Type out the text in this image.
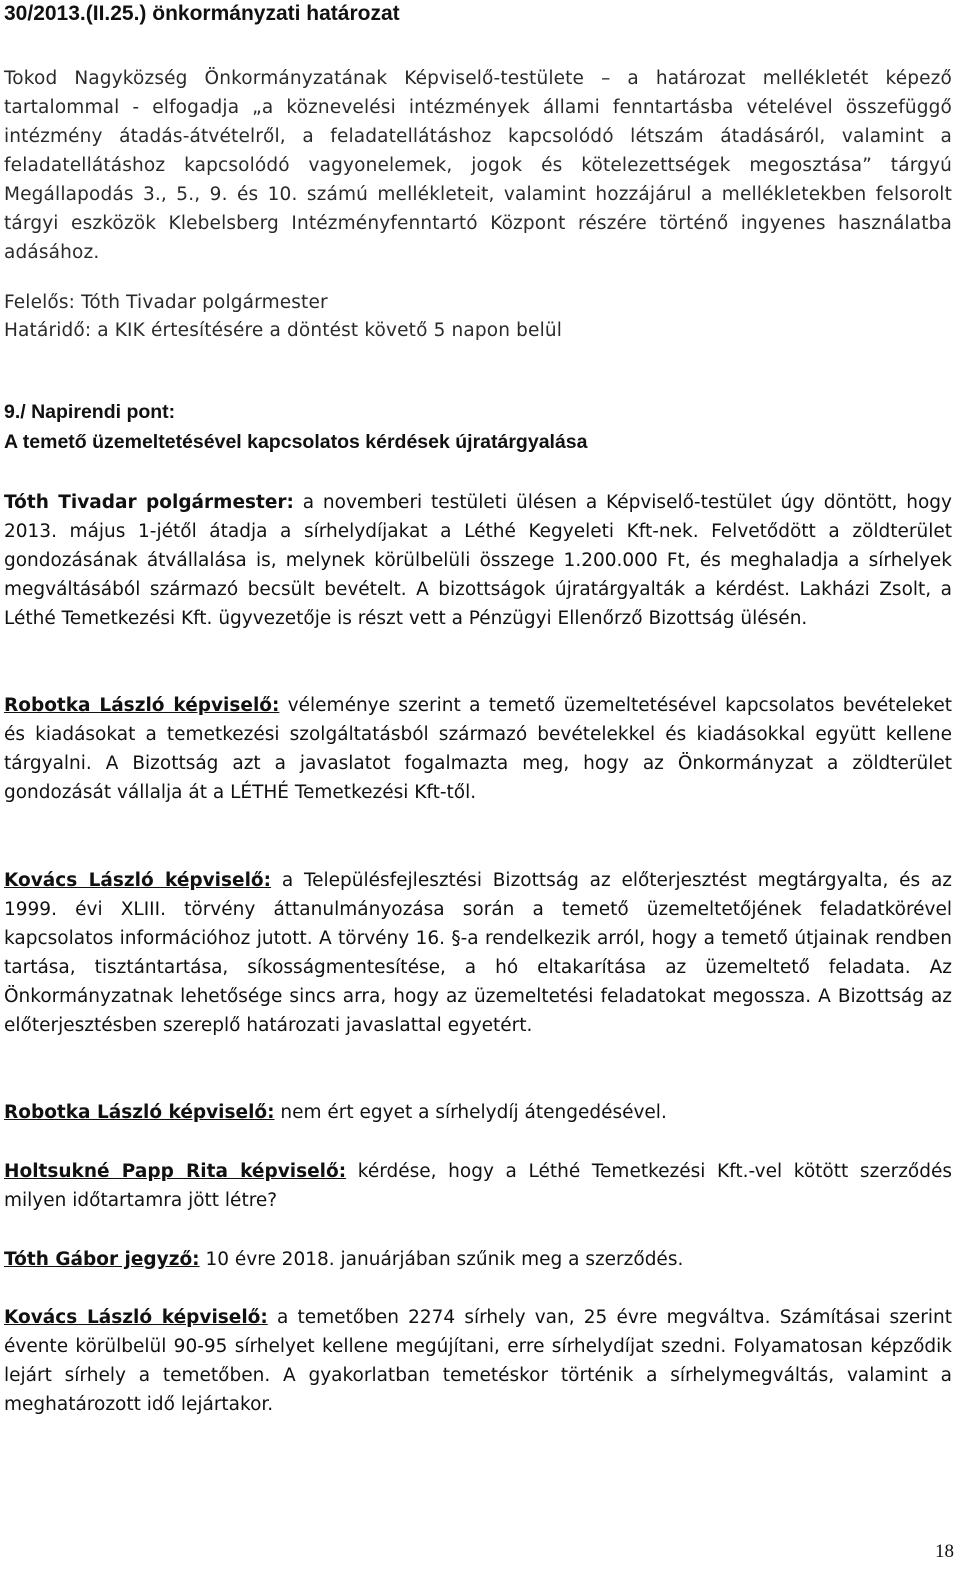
30/2013.(II.25.) önkormányzati határozat

Tokod Nagyközség Önkormányzatának Képviselő-testülete – a határozat mellékletét képező tartalommal - elfogadja „a köznevelési intézmények állami fenntartásba vételével összefüggő intézmény átadás-átvételről, a feladatellátáshoz kapcsolódó létszám átadásáról, valamint a feladatellátáshoz kapcsolódó vagyonelemek, jogok és kötelezettségek megosztása” tárgyú Megállapodás 3., 5., 9. és 10. számú mellékleteit, valamint hozzájárul a mellékletekben felsorolt tárgyi eszközök Klebelsberg Intézményfenntartó Központ részére történő ingyenes használatba adásához.

Felelős: Tóth Tivadar polgármester

Határidő: a KIK értesítésére a döntést követő 5 napon belül

9./ Napirendi pont:

A temető üzemeltetésével kapcsolatos kérdések újratárgyalása

Tóth Tivadar polgármester: a novemberi testületi ülésen a Képviselő-testület úgy döntött, hogy 2013. május 1-jétől átadja a sírhelydíjakat a Léthé Kegyeleti Kft-nek. Felvetődött a zöldterület gondozásának átvállalása is, melynek körülbelüli összege 1.200.000 Ft, és meghaladja a sírhelyek megváltásából származó becsült bevételt. A bizottságok újratárgyalták a kérdést. Lakházi Zsolt, a Léthé Temetkezési Kft. ügyvezetője is részt vett a Pénzügyi Ellenőrző Bizottság ülésén.

Robotka László képviselő: véleménye szerint a temető üzemeltetésével kapcsolatos bevételeket és kiadásokat a temetkezési szolgáltatásból származó bevételekkel és kiadásokkal együtt kellene tárgyalni. A Bizottság azt a javaslatot fogalmazta meg, hogy az Önkormányzat a zöldterület gondozását vállalja át a LÉTHÉ Temetkezési Kft-től.

Kovács László képviselő: a Településfejlesztési Bizottság az előterjesztést megtárgyalta, és az 1999. évi XLIII. törvény áttanulmányozása során a temető üzemeltetőjének feladatkörével kapcsolatos információhoz jutott. A törvény 16. §-a rendelkezik arról, hogy a temető útjainak rendben tartása, tisztántartása, síkosságmentesítése, a hó eltakarítása az üzemeltető feladata. Az Önkormányzatnak lehetősége sincs arra, hogy az üzemeltetési feladatokat megossza. A Bizottság az előterjesztésben szereplő határozati javaslattal egyetért.

Robotka László képviselő: nem ért egyet a sírhelydíj átengedésével.

Holtsukné Papp Rita képviselő: kérdése, hogy a Léthé Temetkezési Kft.-vel kötött szerződés milyen időtartamra jött létre?

Tóth Gábor jegyző: 10 évre 2018. januárjában szűnik meg a szerződés.

Kovács László képviselő: a temetőben 2274 sírhely van, 25 évre megváltva. Számításai szerint évente körülbelül 90-95 sírhelyet kellene megújítani, erre sírhelydíjat szedni. Folyamatosan képződik lejárt sírhely a temetőben. A gyakorlatban temetéskor történik a sírhelymegváltás, valamint a meghatározott idő lejártakor.

18
